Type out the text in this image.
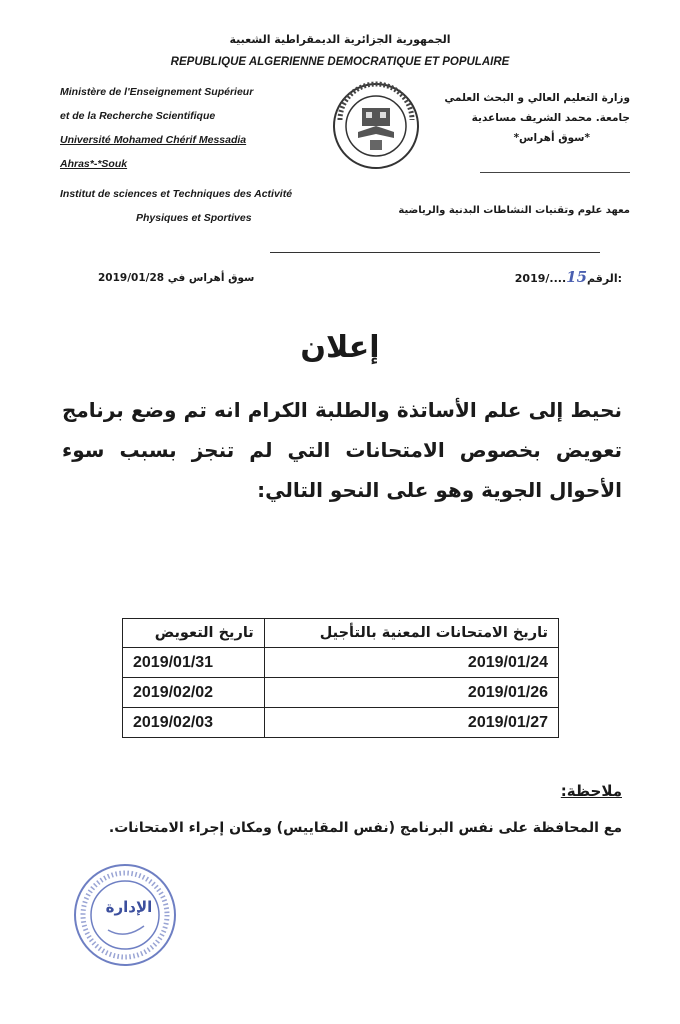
الجمهورية الجزائرية الديمقراطية الشعبية
REPUBLIQUE ALGERIENNE DEMOCRATIQUE ET POPULAIRE
Ministère de l'Enseignement Supérieur
et de la Recherche Scientifique
Université Mohamed Chérif Messadia
Ahras*-*Souk
وزارة التعليم العالي و البحث العلمي
جامعة. محمد الشريف مساعدية
*سوق أهراس*
Institut de sciences et Techniques des Activité
Physiques et Sportives
معهد علوم وتقنيات النشاطات البدنية والرياضية
سوق أهراس في 2019/01/28	2019/....15الرقم:
إعلان
نحيط إلى علم الأساتذة والطلبة الكرام انه تم وضع برنامج تعويض بخصوص الامتحانات التي لم تنجز بسبب سوء الأحوال الجوية وهو على النحو التالي:
تاريخ الامتحانات المعنية بالتأجيل	تاريخ التعويض
2019/01/24	2019/01/31
2019/01/26	2019/02/02
2019/01/27	2019/02/03
ملاحظة:
مع المحافظة على نفس البرنامج (نفس المقاييس) ومكان إجراء الامتحانات.
الإدارة
